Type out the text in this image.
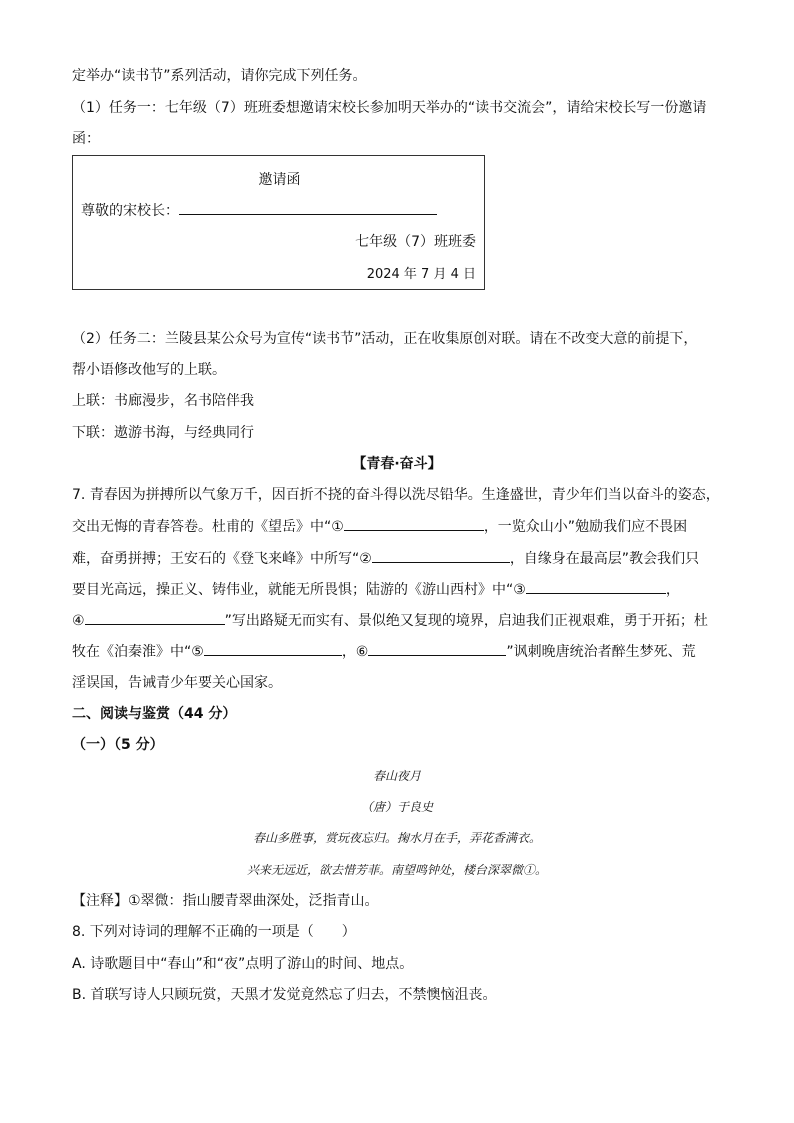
定举办“读书节”系列活动，请你完成下列任务。
（1）任务一：七年级（7）班班委想邀请宋校长参加明天举办的“读书交流会”，请给宋校长写一份邀请
函：
邀请函
尊敬的宋校长：
七年级（7）班班委
2024 年 7 月 4 日
（2）任务二：兰陵县某公众号为宣传“读书节”活动，正在收集原创对联。请在不改变大意的前提下，
帮小语修改他写的上联。
上联：书廊漫步，名书陪伴我
下联：遨游书海，与经典同行
【青春·奋斗】
7. 青春因为拼搏所以气象万千，因百折不挠的奋斗得以洗尽铅华。生逢盛世，青少年们当以奋斗的姿态，
交出无悔的青春答卷。杜甫的《望岳》中“①	，一览众山小”勉励我们应不畏困
难，奋勇拼搏；王安石的《登飞来峰》中所写“②	，自缘身在最高层”教会我们只
要目光高远，操正义、铸伟业，就能无所畏惧；陆游的《游山西村》中“③	，
④	”写出路疑无而实有、景似绝又复现的境界，启迪我们正视艰难，勇于开拓；杜
牧在《泊秦淮》中“⑤	，⑥	”讽刺晚唐统治者醉生梦死、荒
淫误国，告诫青少年要关心国家。
二、阅读与鉴赏（44 分）
（一）（5 分）
春山夜月
（唐）于良史
春山多胜事，赏玩夜忘归。掬水月在手，弄花香满衣。
兴来无远近，欲去惜芳菲。南望鸣钟处，楼台深翠微①。
【注释】①翠微：指山腰青翠曲深处，泛指青山。
8. 下列对诗词的理解不正确的一项是（　　）
A. 诗歌题目中“春山”和“夜”点明了游山的时间、地点。
B. 首联写诗人只顾玩赏，天黑才发觉竟然忘了归去，不禁懊恼沮丧。
